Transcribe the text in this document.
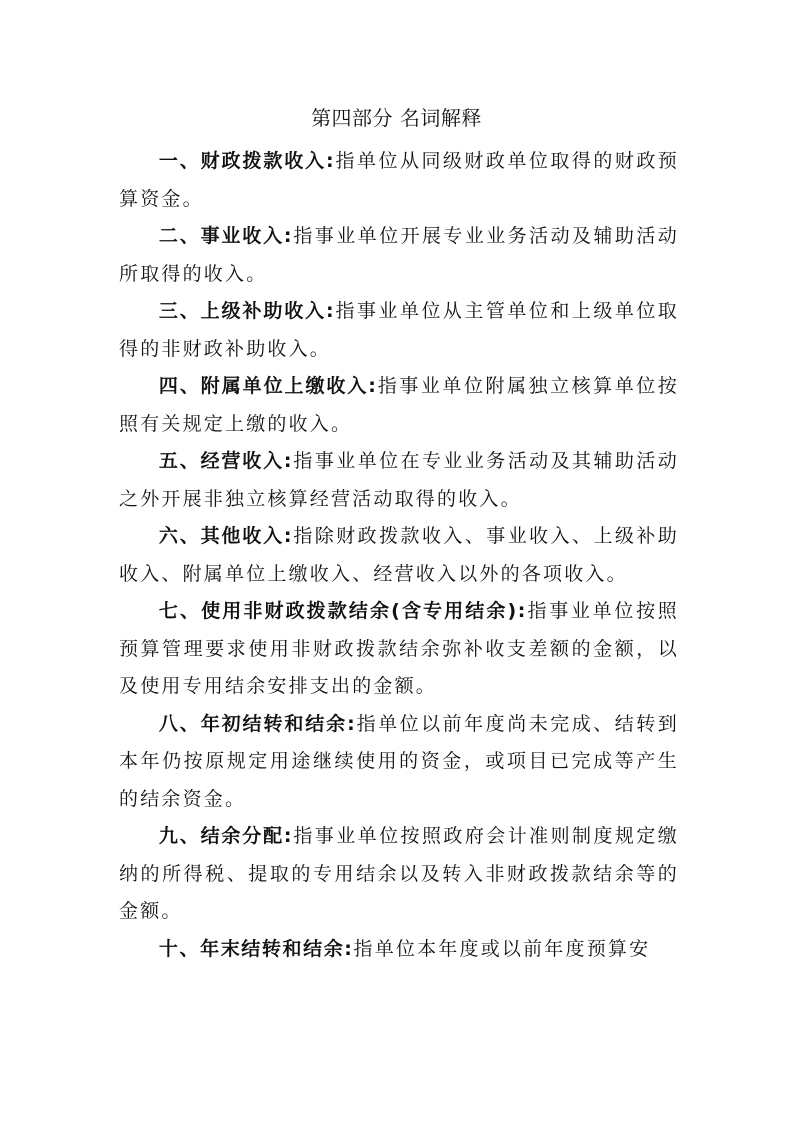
第四部分 名词解释

一、财政拨款收入:指单位从同级财政单位取得的财政预算资金。

二、事业收入:指事业单位开展专业业务活动及辅助活动所取得的收入。

三、上级补助收入:指事业单位从主管单位和上级单位取得的非财政补助收入。

四、附属单位上缴收入:指事业单位附属独立核算单位按照有关规定上缴的收入。

五、经营收入:指事业单位在专业业务活动及其辅助活动之外开展非独立核算经营活动取得的收入。

六、其他收入:指除财政拨款收入、事业收入、上级补助收入、附属单位上缴收入、经营收入以外的各项收入。

七、使用非财政拨款结余(含专用结余):指事业单位按照预算管理要求使用非财政拨款结余弥补收支差额的金额，以及使用专用结余安排支出的金额。

八、年初结转和结余:指单位以前年度尚未完成、结转到本年仍按原规定用途继续使用的资金，或项目已完成等产生的结余资金。

九、结余分配:指事业单位按照政府会计准则制度规定缴纳的所得税、提取的专用结余以及转入非财政拨款结余等的金额。

十、年末结转和结余:指单位本年度或以前年度预算安
